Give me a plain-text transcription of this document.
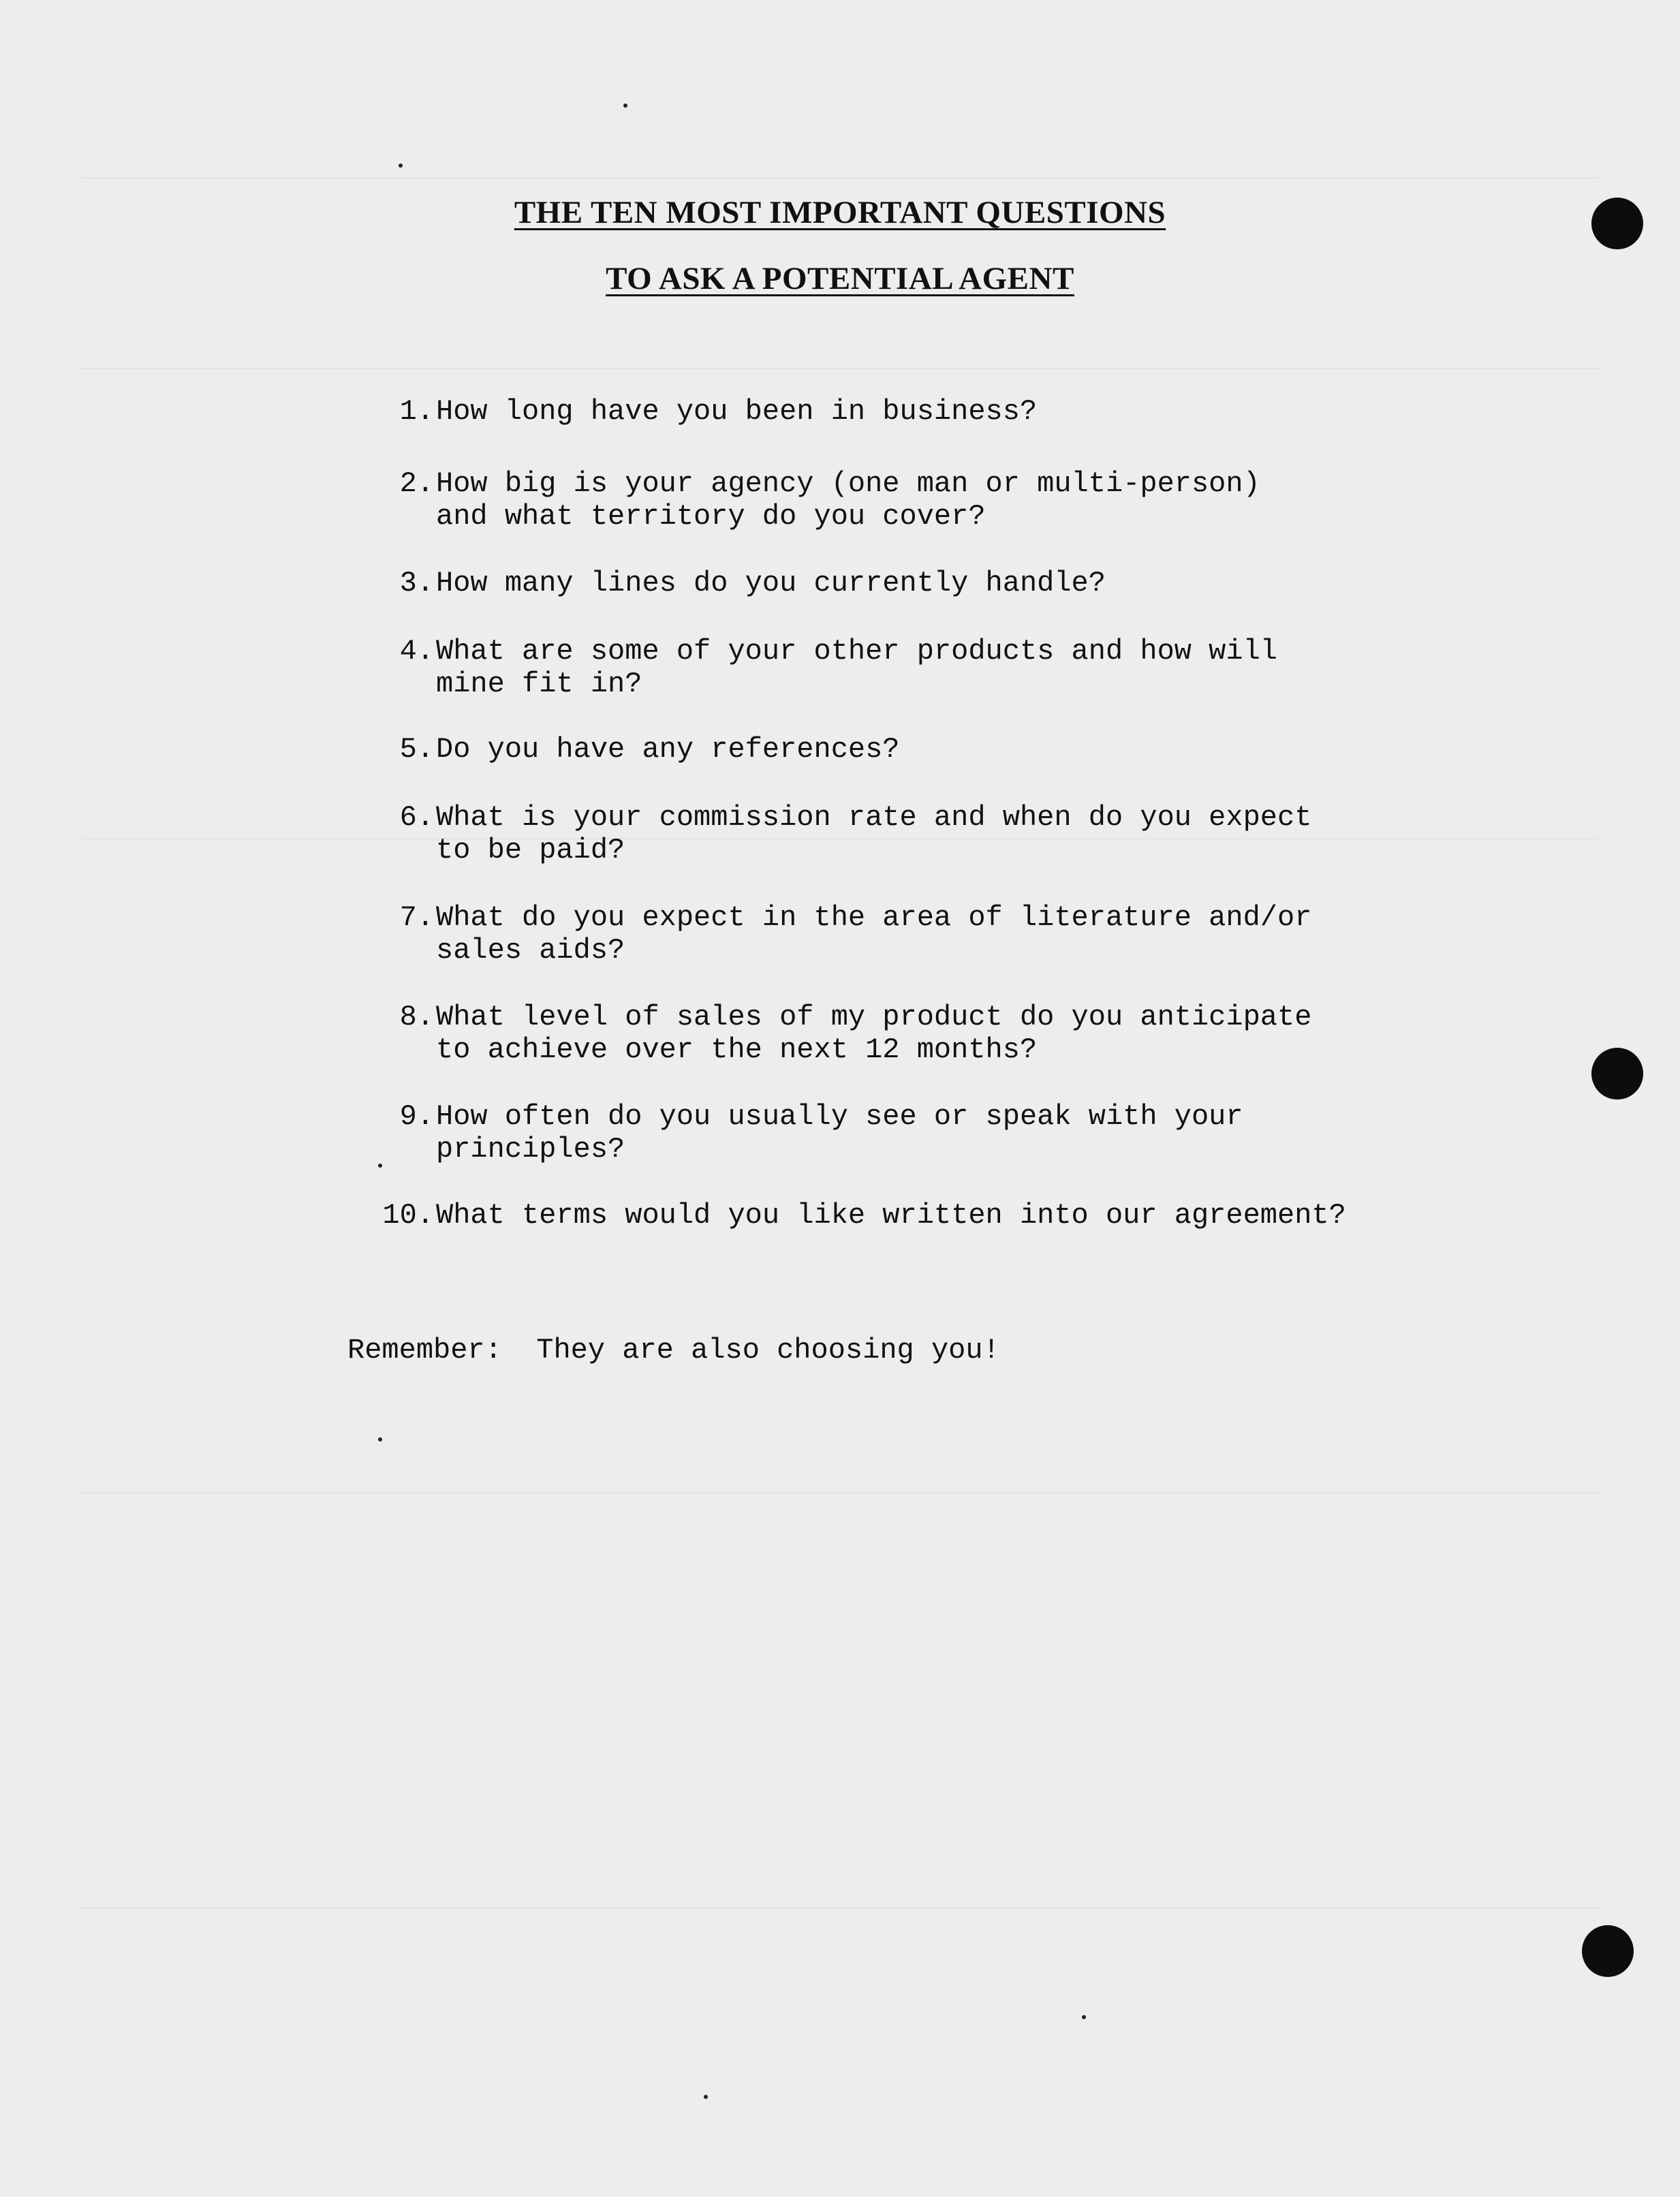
THE TEN MOST IMPORTANT QUESTIONS
TO ASK A POTENTIAL AGENT
1. How long have you been in business?
2. How big is your agency (one man or multi-person)
and what territory do you cover?
3. How many lines do you currently handle?
4. What are some of your other products and how will
mine fit in?
5. Do you have any references?
6. What is your commission rate and when do you expect
to be paid?
7. What do you expect in the area of literature and/or
sales aids?
8. What level of sales of my product do you anticipate
to achieve over the next 12 months?
9. How often do you usually see or speak with your
principles?
10. What terms would you like written into our agreement?
Remember:  They are also choosing you!
